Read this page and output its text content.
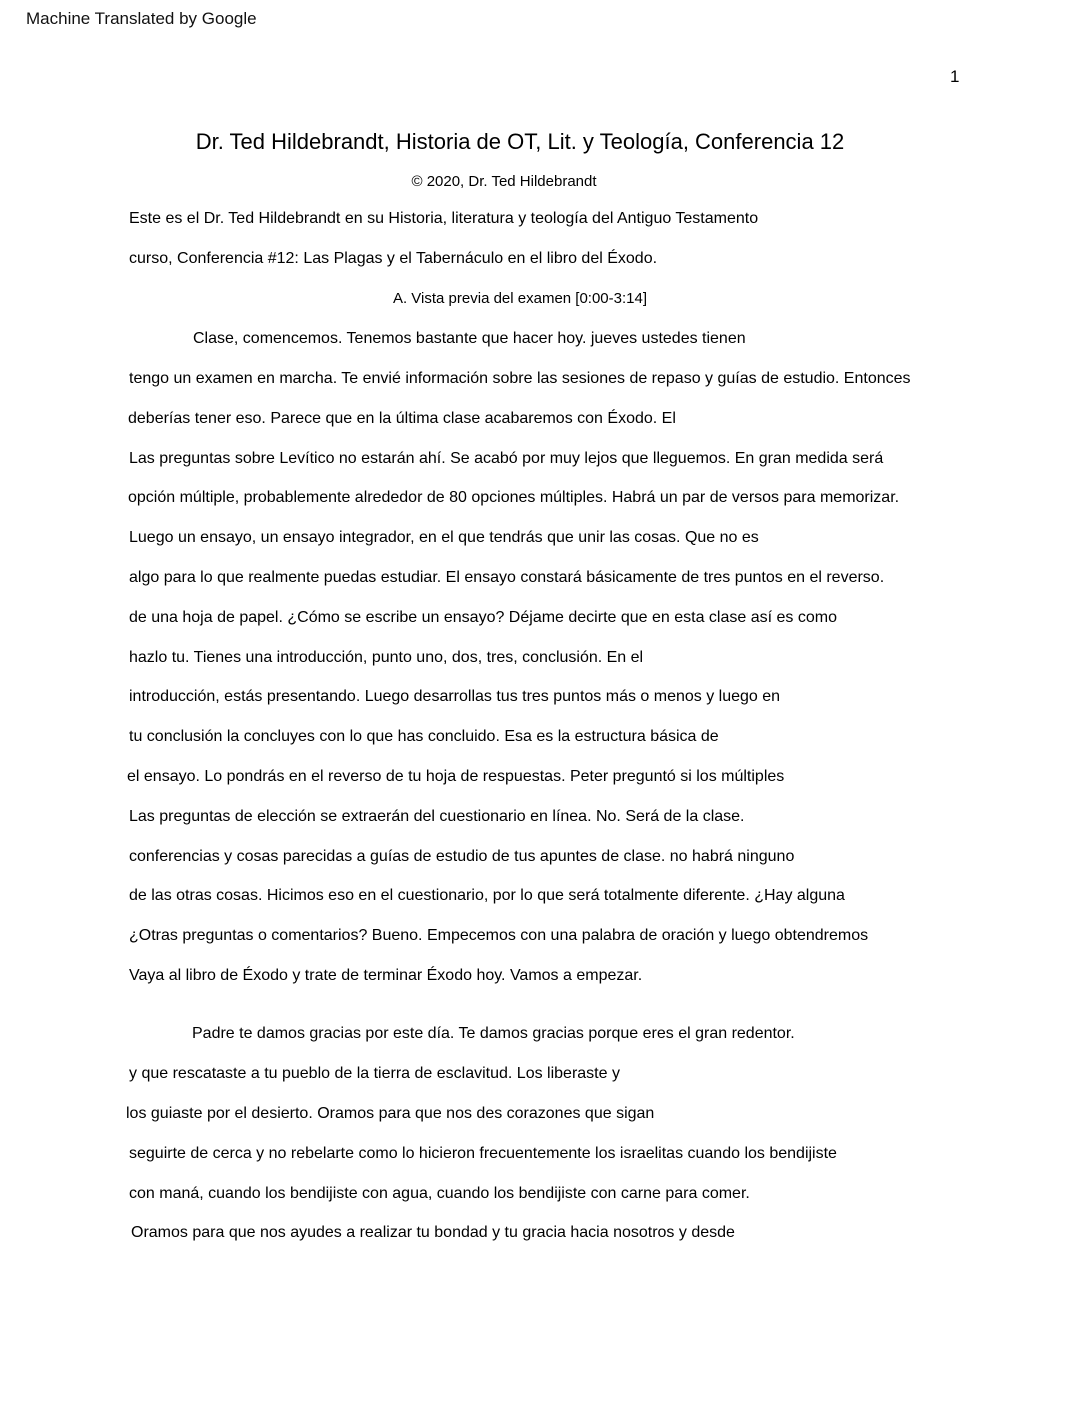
Machine Translated by Google
1
Dr. Ted Hildebrandt, Historia de OT, Lit. y Teología, Conferencia 12
© 2020, Dr. Ted Hildebrandt
Este es el Dr. Ted Hildebrandt en su Historia, literatura y teología del Antiguo Testamento
curso, Conferencia #12: Las Plagas y el Tabernáculo en el libro del Éxodo.
A. Vista previa del examen [0:00-3:14]
Clase, comencemos. Tenemos bastante que hacer hoy. jueves ustedes tienen
tengo un examen en marcha. Te envié información sobre las sesiones de repaso y guías de estudio. Entonces
deberías tener eso. Parece que en la última clase acabaremos con Éxodo. El
Las preguntas sobre Levítico no estarán ahí. Se acabó por muy lejos que lleguemos. En gran medida será
opción múltiple, probablemente alrededor de 80 opciones múltiples. Habrá un par de versos para memorizar.
Luego un ensayo, un ensayo integrador, en el que tendrás que unir las cosas. Que no es
algo para lo que realmente puedas estudiar. El ensayo constará básicamente de tres puntos en el reverso.
de una hoja de papel. ¿Cómo se escribe un ensayo? Déjame decirte que en esta clase así es como
hazlo tu. Tienes una introducción, punto uno, dos, tres, conclusión. En el
introducción, estás presentando. Luego desarrollas tus tres puntos más o menos y luego en
tu conclusión la concluyes con lo que has concluido. Esa es la estructura básica de
el ensayo. Lo pondrás en el reverso de tu hoja de respuestas. Peter preguntó si los múltiples
Las preguntas de elección se extraerán del cuestionario en línea. No. Será de la clase.
conferencias y cosas parecidas a guías de estudio de tus apuntes de clase. no habrá ninguno
de las otras cosas. Hicimos eso en el cuestionario, por lo que será totalmente diferente. ¿Hay alguna
¿Otras preguntas o comentarios? Bueno. Empecemos con una palabra de oración y luego obtendremos
Vaya al libro de Éxodo y trate de terminar Éxodo hoy. Vamos a empezar.
Padre te damos gracias por este día. Te damos gracias porque eres el gran redentor.
y que rescataste a tu pueblo de la tierra de esclavitud. Los liberaste y
los guiaste por el desierto. Oramos para que nos des corazones que sigan
seguirte de cerca y no rebelarte como lo hicieron frecuentemente los israelitas cuando los bendijiste
con maná, cuando los bendijiste con agua, cuando los bendijiste con carne para comer.
Oramos para que nos ayudes a realizar tu bondad y tu gracia hacia nosotros y desde
